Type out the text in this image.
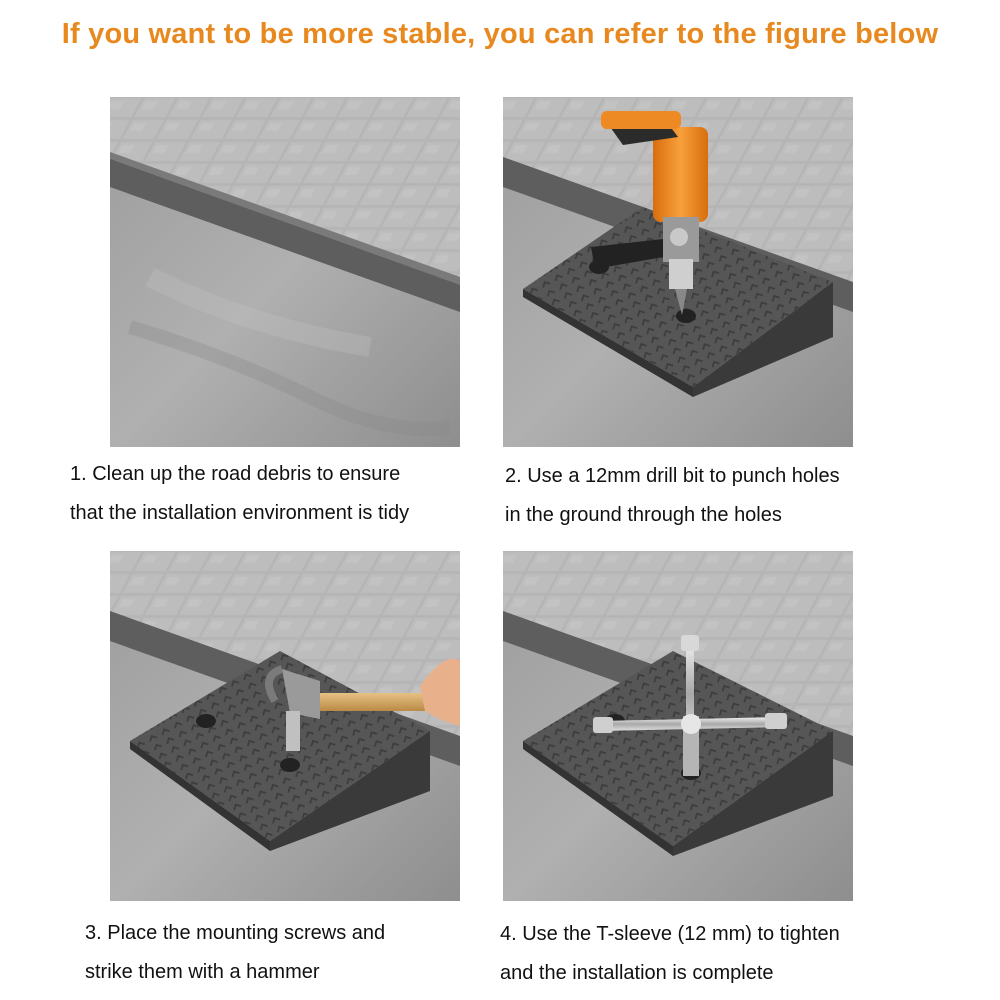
If you want to be more stable, you can refer to the figure below
1. Clean up the road debris to ensure
that the installation environment is tidy
2. Use a 12mm drill bit to punch holes
in the ground through the holes
3. Place the mounting screws and
strike them with a hammer
4. Use the T-sleeve (12 mm) to tighten
and the installation is complete
